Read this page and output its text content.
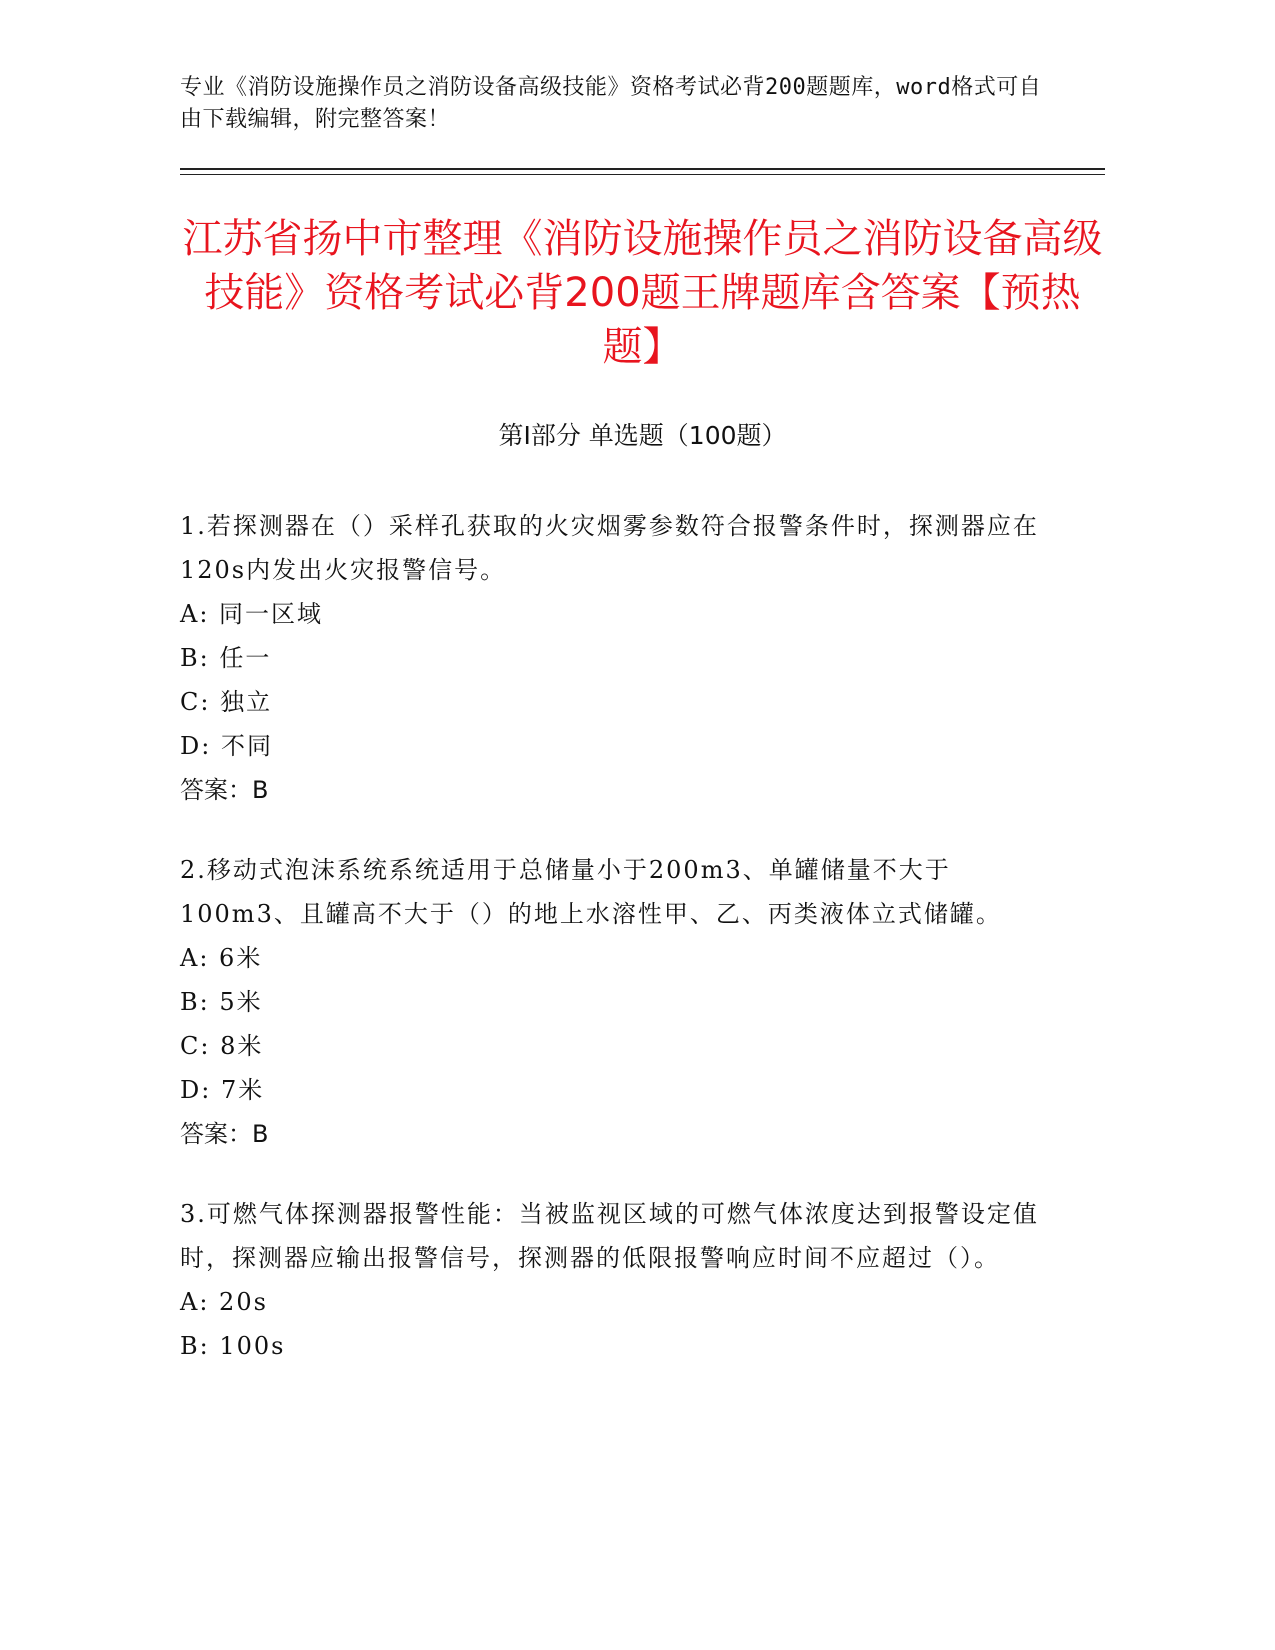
专业《消防设施操作员之消防设备高级技能》资格考试必背200题题库，word格式可自由下载编辑，附完整答案！
江苏省扬中市整理《消防设施操作员之消防设备高级技能》资格考试必背200题王牌题库含答案【预热题】
第Ⅰ部分 单选题（100题）

1.若探测器在（）采样孔获取的火灾烟雾参数符合报警条件时，探测器应在120s内发出火灾报警信号。

A: 同一区域

B: 任一

C: 独立

D: 不同

答案：B

2.移动式泡沫系统系统适用于总储量小于200m3、单罐储量不大于100m3、且罐高不大于（）的地上水溶性甲、乙、丙类液体立式储罐。

A: 6米

B: 5米

C: 8米

D: 7米

答案：B

3.可燃气体探测器报警性能：当被监视区域的可燃气体浓度达到报警设定值时，探测器应输出报警信号，探测器的低限报警响应时间不应超过（）。

A: 20s

B: 100s
